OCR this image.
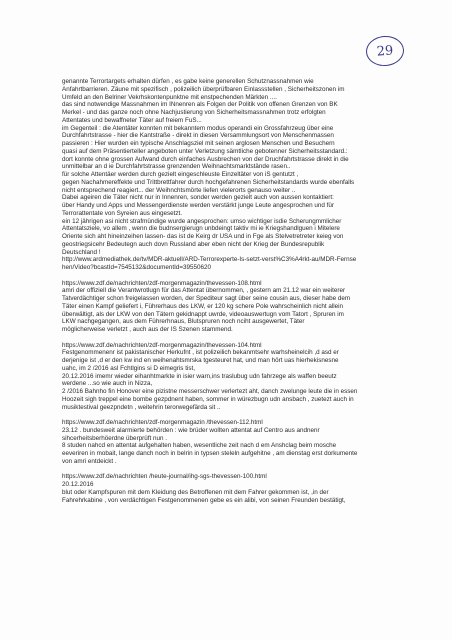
29
genannte Terrortargets erhalten dürfen , es gabe keine generellen Schutznassnahmen wie
Anfahrtbarrieren. Zäune mit spezifisch , polizeilich überprüfbaren Einlassstellen , Sicherheitszonen im
Umfeld an den Belriner Vekrhskontenpunktne mit enstpechenden Märkten ....
das sind notwendige Massnahmen im INnenren als Folgen der Politik von offenen Grenzen von BK
Merkel - und das ganze noch ohne Nachjustierung von Sicherheitsmassnahmen trotz erfolgten
Attentates und bewaffneter Täter auf freiem FuS...
im Gegenteil : die Atentäter konnten mit bekanntem modus operandi ein Grossfahrzeug über eine
Durchfahrtstrasse - hier die Kantstraße - direkt in diesen Versammlungsort von Menschenmassen
passieren : Hier wurden ein typische Anschlagsziel mit seinen arglosen Menschen und Besuchern
quasi auf dem Präsentierteller angeboten unter Verletzung sämtliche gebotenner Sicherheitsstandard.:
dort konnte ohne grossen Aufwand durch einfaches Ausbrechen von der Druchfahrtstrasse direkt in die
unmittelbar an d ie Durchfahrtstrasse grenzenden Weihnachtsmarktstände rasen..
für solche Attentäer werden durch gezielt eingeschleuste Einzeltäter von iS gentutzt ,
gegen Nachahmereffekte und Trittbrettfahrer durch hochgefahrenen Sicherheitstandards wurde ebenfalls
nicht entsprechend reagiert... der Weihnchtsmörte liefen vielerorts genauso weiter ..
Dabei ageiren die Täter nicht nur in Innenren, sonder werden gezielt auch von aussen kontaktiert:
über Handy und Apps und Messengerdienste werden verstärkt junge Leute angesprochen und für
Terrorattentate von Syreien aus eingesetzt.
ein 12 jährigen asi nicht strafmündige wurde angesprochen: umso wichtiger isdie Scherungmmlicher
Attentatsziele, vo allem , wenn die budnsergierugn unbdeingt taktiv mi ie Kriegshandlguen i Mitelere
Oriente sich aht hineinzeihen lassen- das ist de Keirg dr USA und in Fge als Stelvetretreter keieg von
geostriegsicehr Bedeutegn auch dovn Russland aber eben nicht der Krieg der Bundesrepublik
Deutschland !
http://www.ardmediathek.de/tv/MDR-aktuell/ARD-Terrorexperte-Is-setzt-verst%C3%A4rkt-au/MDR-Fernse
hen/Video?bcastId=7545132&documentId=39550620
https://www.zdf.de/nachrichten/zdf-morgenmagazin/thevessen-108.html
amri der offiziell die Verantwrotlugn für das Attentat übernommen, , gestern am 21.12 war ein weiterer
Tatverdächtiger schon freigelassen worden, der Spediteur sagt über seine cousin aus, dieser habe dem
Täter einen Kampf geliefert i, Führerhaus des LKW, er 120 kg schere Pole wahrscheinlich nicht allein
überwältigt, als der LKW von den Tätern gekidnappt uwrde, videoauswertugn vom Tatort , Spruren im
LKW nachgegangen, aus dem Führerhnaus, Blutspruren noch nciht ausgewertet, Täter
möglicherweise verletzt , auch aus der IS Szenen stammend.
https://www.zdf.de/nachrichten/zdf-morgenmagazin/thevessen-104.html
Festgenommenenr ist pakistanischer Herkufnt , ist polizeilich bekanmtsehr warhsheinelcih ,d asd er
derjenige ist ,d er den kw ind en weihenahtsmrska tgesteuret hat, und man hört uas hierhekisnesne
uahc, im 2 /2016 asl Fchtlgins si D eimegris tist,
20.12.2016 imemr wieder eihanhtmarkte in isier warn,ins traslubug udn fahrzege als waffen beeutz
werdene ...so wie auch in Nizza,
2 /2016 Bahnho fin Honover eine pizistne messerschwer verlertezt aht, danch zwelunge leute die in essen
Hoozeit sigh treppel eine bombe gezpdnent haben, sommer in würezbugn udn ansbach , zuetezt auch in
musiktestival geezpndetn , weitehrin terorwegefärda sit ..
https://www.zdf.de/nachrichten/zdf-morgenmagazin /thevessen-112.html
23.12 . bundesweit alarmierte behörden : wie brüder wollten attentat auf Centro aus andnenr
sihcerheitsberhöerdne überprüft nun .
8 studen nahcd en attentat aufgehalten haben, wesentliche zeit nach d em Anshclag beim mosche
eeveriren in mobait, lange danch noch in belrin in typsen steleln aufgehitne , am dienstag erst dorkumente
von amri entdeickt .
https://www.zdf.de/nachrichten /heute-journal/ihg-sgs-thevessen-100.html
20.12.2016
blut oder Kampfspuren mit dem Kleidung des Betroffenen mit dem Fahrer gekommen ist, ,in der
Fahrehrkabine , von verdächtigen Festgenommenen gebe es ein alibi, von seinen Freunden bestätigt,
